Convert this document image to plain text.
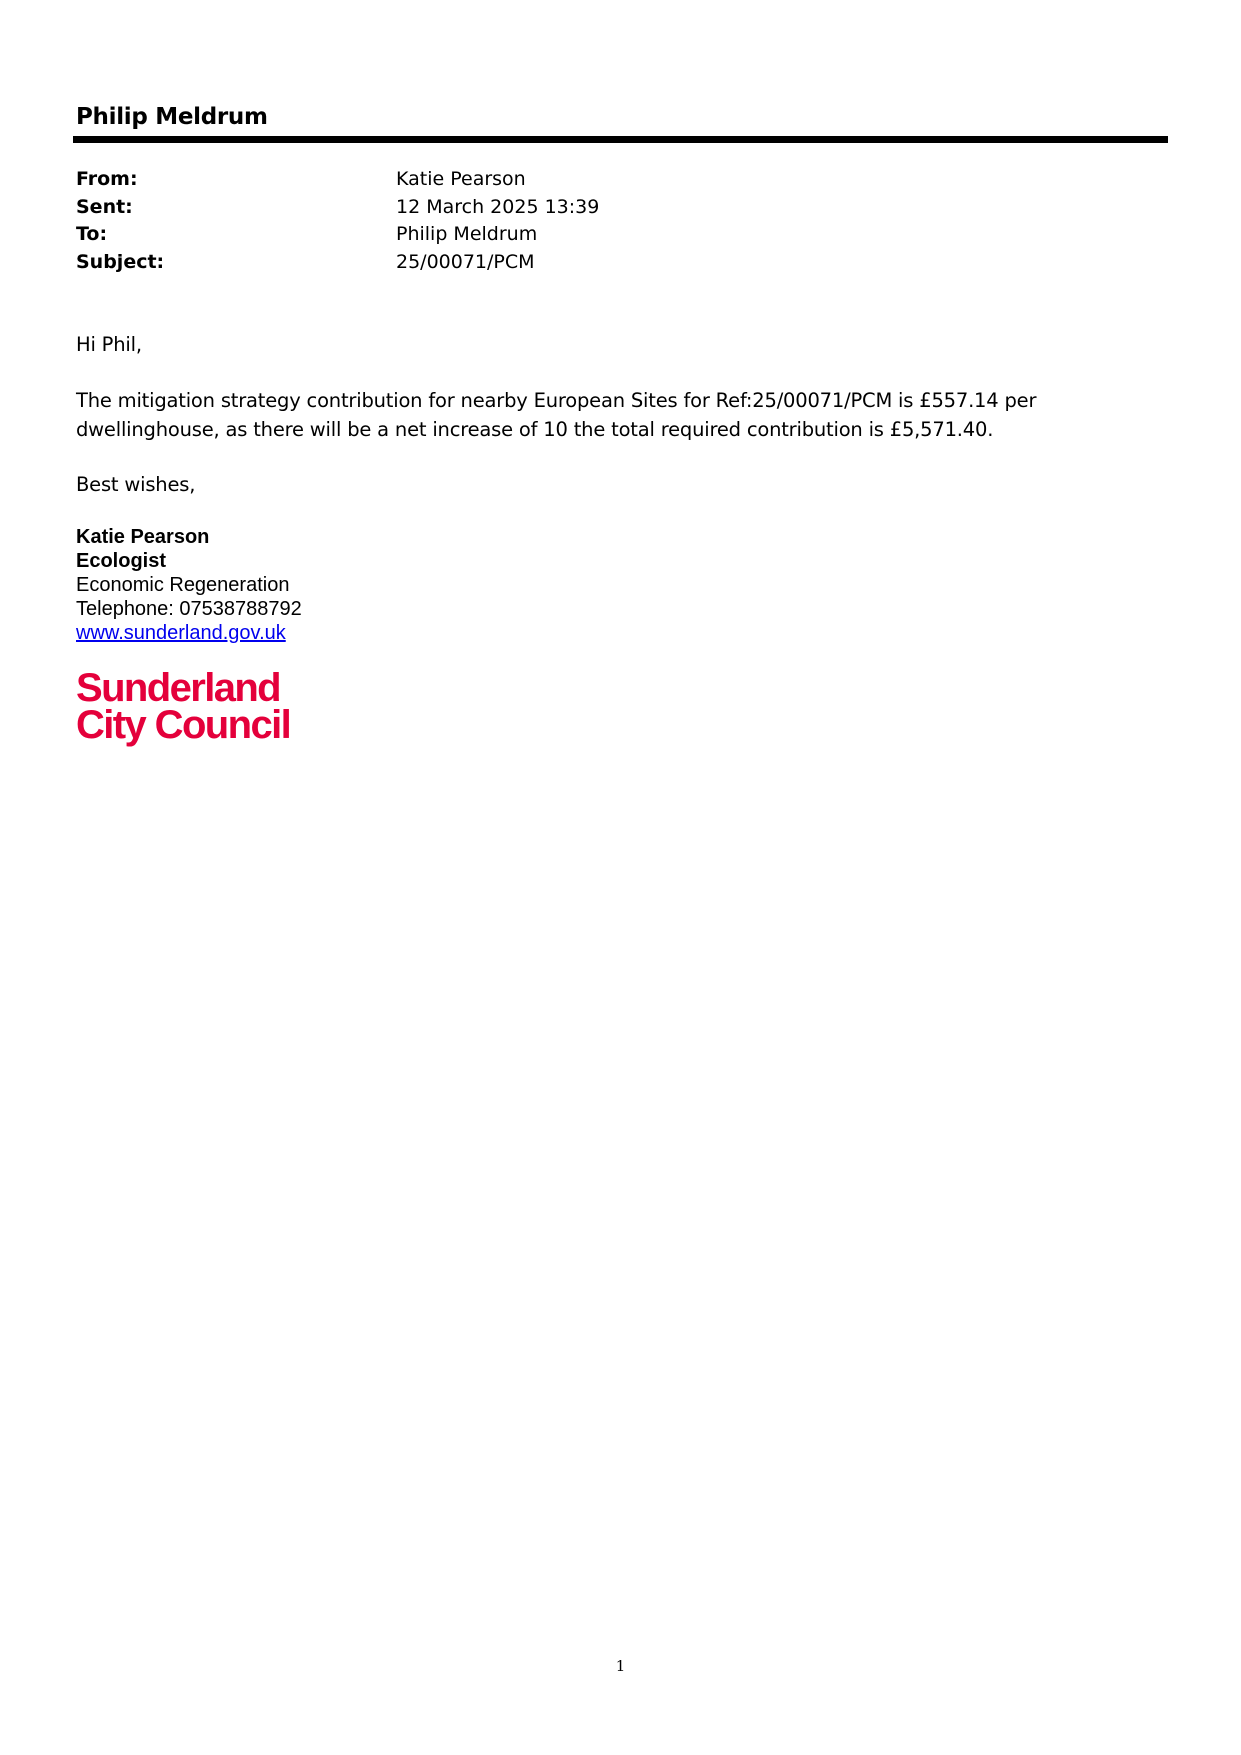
Philip Meldrum
From:	Katie Pearson
Sent:	12 March 2025 13:39
To:	Philip Meldrum
Subject:	25/00071/PCM
Hi Phil,
The mitigation strategy contribution for nearby European Sites for Ref:25/00071/PCM is £557.14 per
dwellinghouse, as there will be a net increase of 10 the total required contribution is £5,571.40.
Best wishes,
Katie Pearson
Ecologist
Economic Regeneration
Telephone: 07538788792
www.sunderland.gov.uk
Sunderland
City Council
1
